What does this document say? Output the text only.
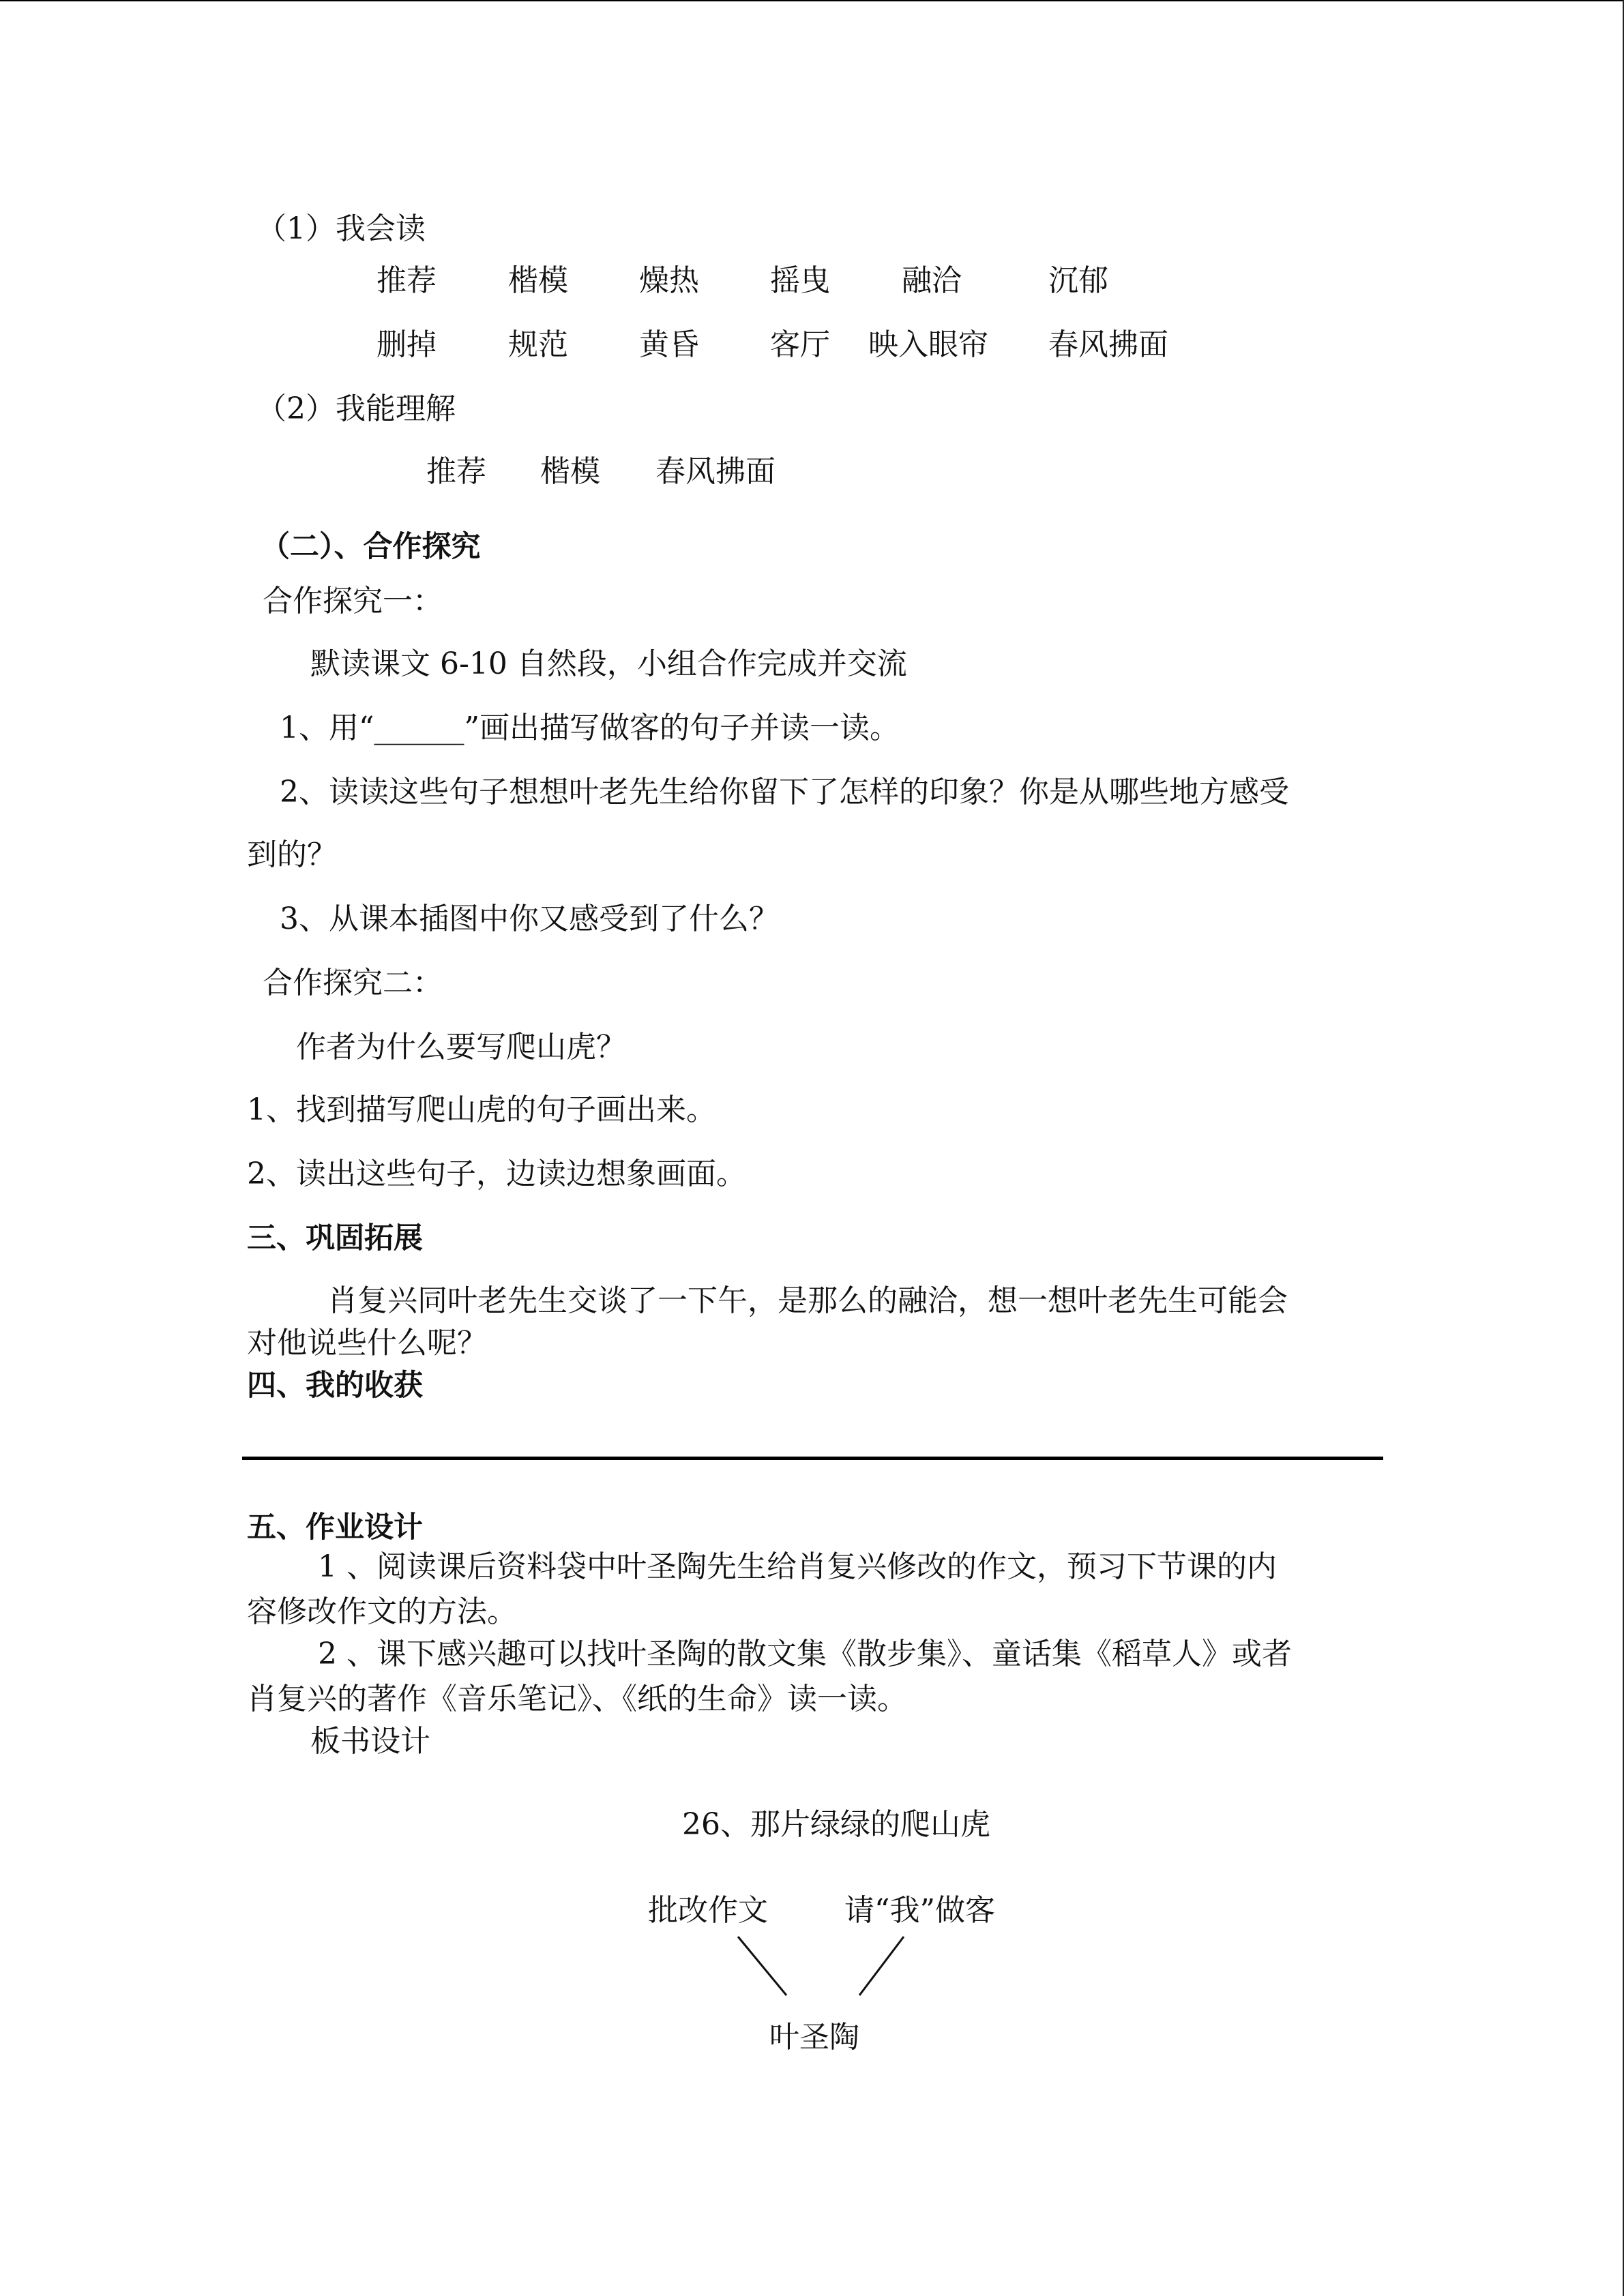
（1）我会读
推荐 楷模 燥热 摇曳 融洽	沉郁
删掉 规范 黄昏 客厅 映入眼帘 春风拂面
（2）我能理解
推荐 楷模 春风拂面
（二）、合作探究
合作探究一：
默读课文 6-10 自然段，小组合作完成并交流
1、用“______”画出描写做客的句子并读一读。
2、读读这些句子想想叶老先生给你留下了怎样的印象？你是从哪些地方感受
到的？
3、从课本插图中你又感受到了什么？
合作探究二：
作者为什么要写爬山虎？
1、找到描写爬山虎的句子画出来。
2、读出这些句子，边读边想象画面。
三、巩固拓展
肖复兴同叶老先生交谈了一下午，是那么的融洽，想一想叶老先生可能会
对他说些什么呢？
四、我的收获
五、作业设计
1 、阅读课后资料袋中叶圣陶先生给肖复兴修改的作文，预习下节课的内
容修改作文的方法。
2 、课下感兴趣可以找叶圣陶的散文集《散步集》、童话集《稻草人》或者
肖复兴的著作《音乐笔记》、《纸的生命》读一读。
板书设计
26、那片绿绿的爬山虎
批改作文	请“我”做客
叶圣陶
